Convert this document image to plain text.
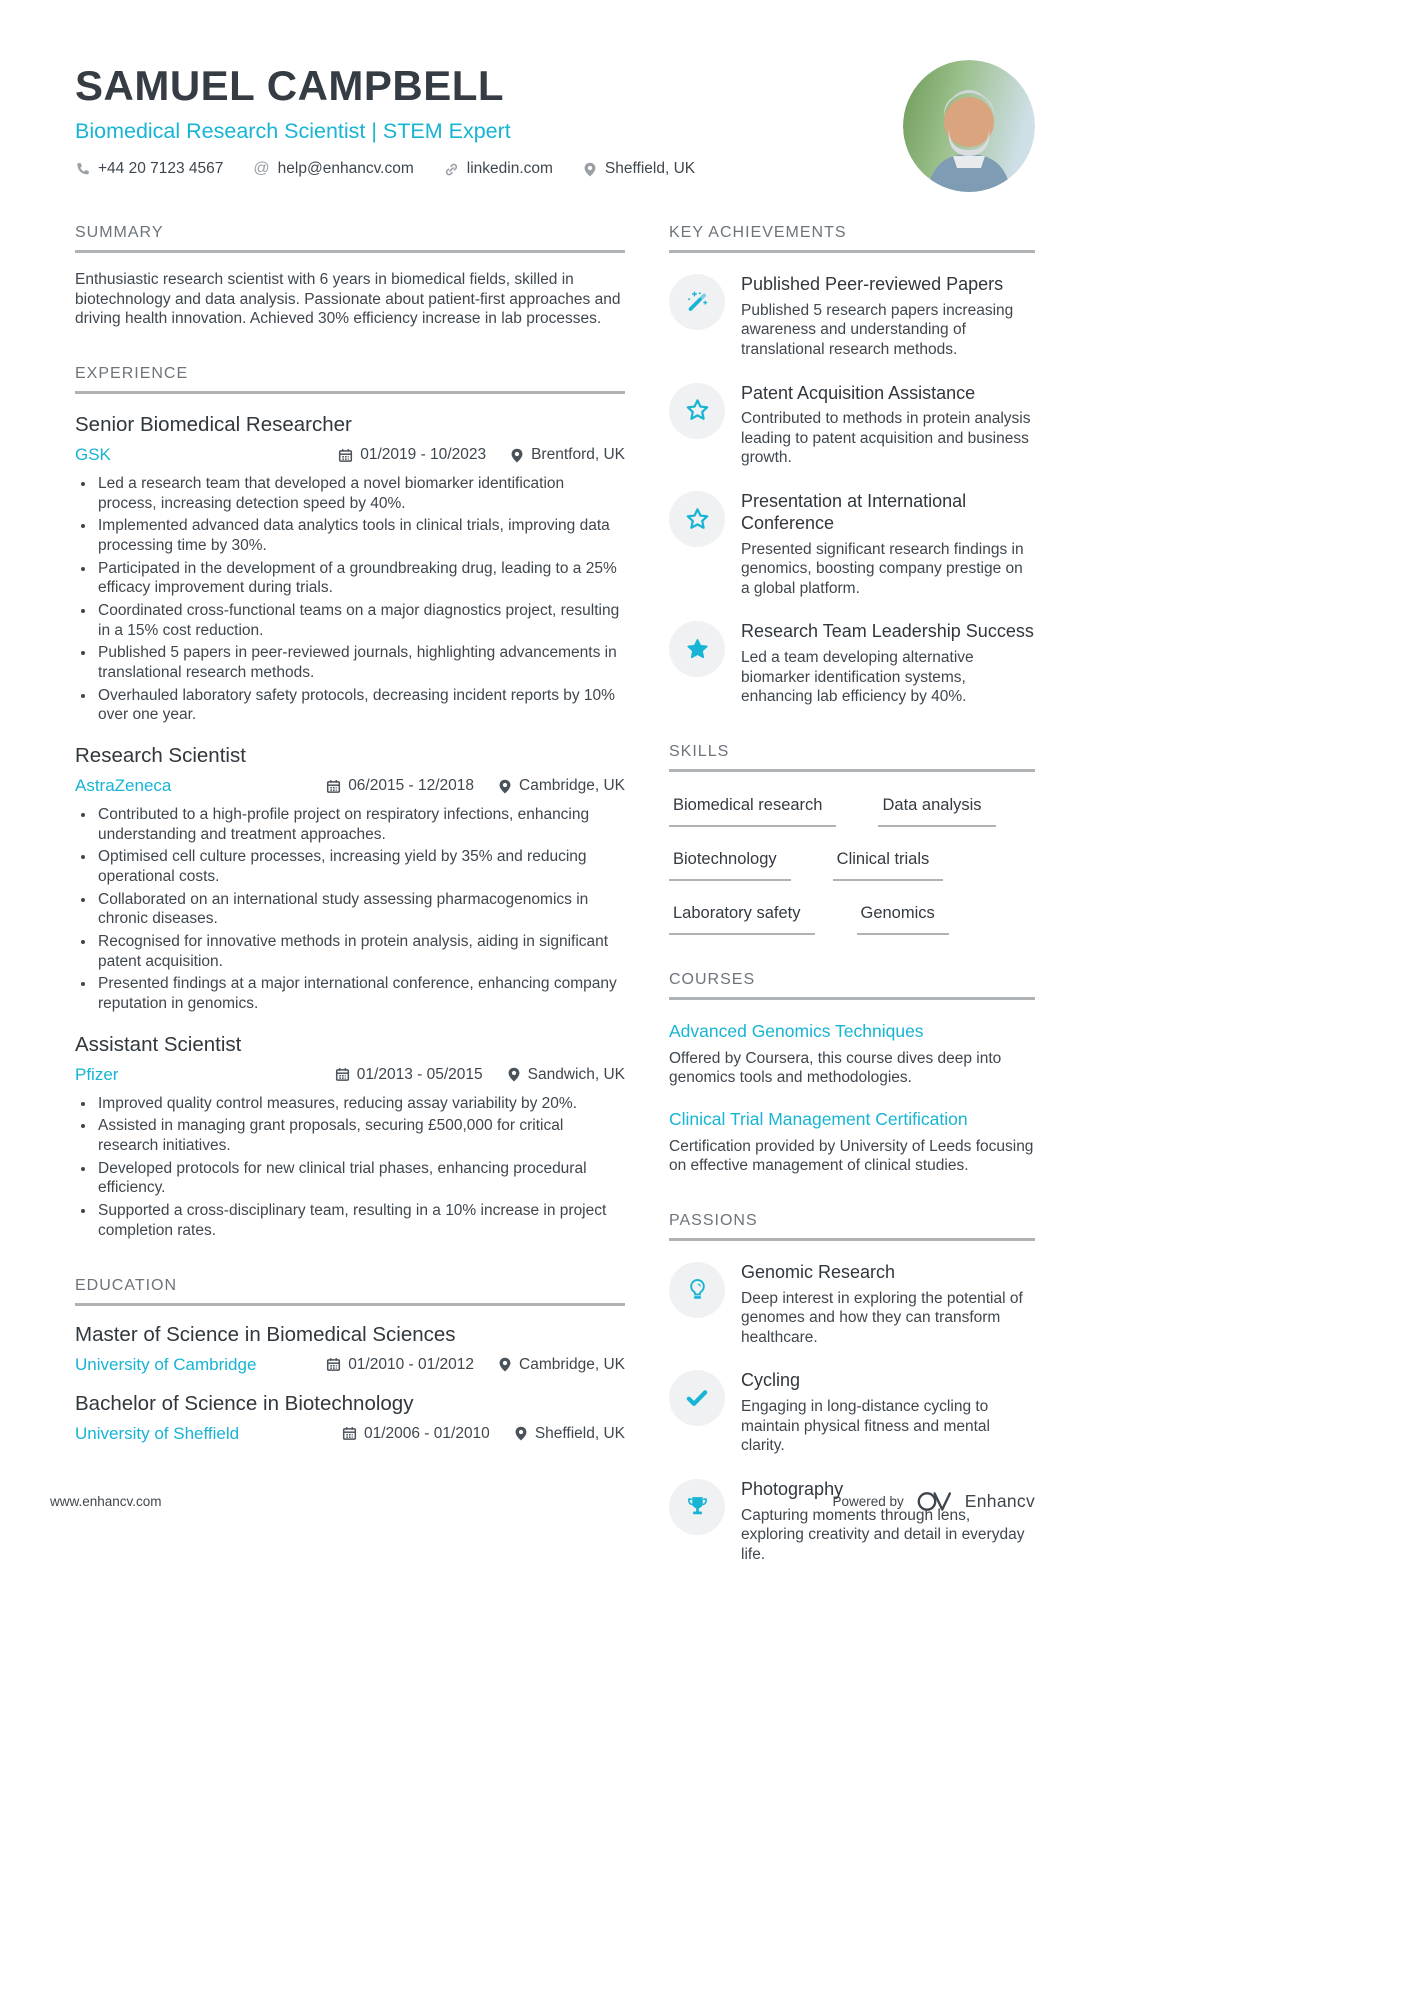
SAMUEL CAMPBELL
Biomedical Research Scientist | STEM Expert
+44 20 7123 4567 @ help@enhancv.com	linkedin.com	Sheffield, UK
SUMMARY

Enthusiastic research scientist with 6 years in biomedical fields, skilled in biotechnology and data analysis. Passionate about patient-first approaches and driving health innovation. Achieved 30% efficiency increase in lab processes.

EXPERIENCE
Senior Biomedical Researcher
GSK	01/2019 - 10/2023	Brentford, UK
• Led a research team that developed a novel biomarker identification process, increasing detection speed by 40%.
• Implemented advanced data analytics tools in clinical trials, improving data processing time by 30%.
• Participated in the development of a groundbreaking drug, leading to a 25% efficacy improvement during trials.
• Coordinated cross-functional teams on a major diagnostics project, resulting in a 15% cost reduction.
• Published 5 papers in peer-reviewed journals, highlighting advancements in translational research methods.
• Overhauled laboratory safety protocols, decreasing incident reports by 10% over one year.
Research Scientist
AstraZeneca	06/2015 - 12/2018	Cambridge, UK
• Contributed to a high-profile project on respiratory infections, enhancing understanding and treatment approaches.
• Optimised cell culture processes, increasing yield by 35% and reducing operational costs.
• Collaborated on an international study assessing pharmacogenomics in chronic diseases.
• Recognised for innovative methods in protein analysis, aiding in significant patent acquisition.
• Presented findings at a major international conference, enhancing company reputation in genomics.
Assistant Scientist
Pfizer	01/2013 - 05/2015	Sandwich, UK
• Improved quality control measures, reducing assay variability by 20%.
• Assisted in managing grant proposals, securing £500,000 for critical research initiatives.
• Developed protocols for new clinical trial phases, enhancing procedural efficiency.
• Supported a cross-disciplinary team, resulting in a 10% increase in project completion rates.
EDUCATION
Master of Science in Biomedical Sciences
University of Cambridge	01/2010 - 01/2012	Cambridge, UK
Bachelor of Science in Biotechnology
University of Sheffield	01/2006 - 01/2010	Sheffield, UK
KEY ACHIEVEMENTS
Published Peer-reviewed Papers
Published 5 research papers increasing awareness and understanding of translational research methods.
Patent Acquisition Assistance
Contributed to methods in protein analysis leading to patent acquisition and business growth.
Presentation at International Conference
Presented significant research findings in genomics, boosting company prestige on a global platform.
Research Team Leadership Success
Led a team developing alternative biomarker identification systems, enhancing lab efficiency by 40%.
SKILLS
Biomedical research	Data analysis
Biotechnology	Clinical trials
Laboratory safety	Genomics
COURSES
Advanced Genomics Techniques
Offered by Coursera, this course dives deep into genomics tools and methodologies.
Clinical Trial Management Certification
Certification provided by University of Leeds focusing on effective management of clinical studies.
PASSIONS
Genomic Research
Deep interest in exploring the potential of genomes and how they can transform healthcare.
Cycling
Engaging in long-distance cycling to maintain physical fitness and mental clarity.
Photography
Capturing moments through lens, exploring creativity and detail in everyday life.
www.enhancv.com	Powered by	Enhancv
